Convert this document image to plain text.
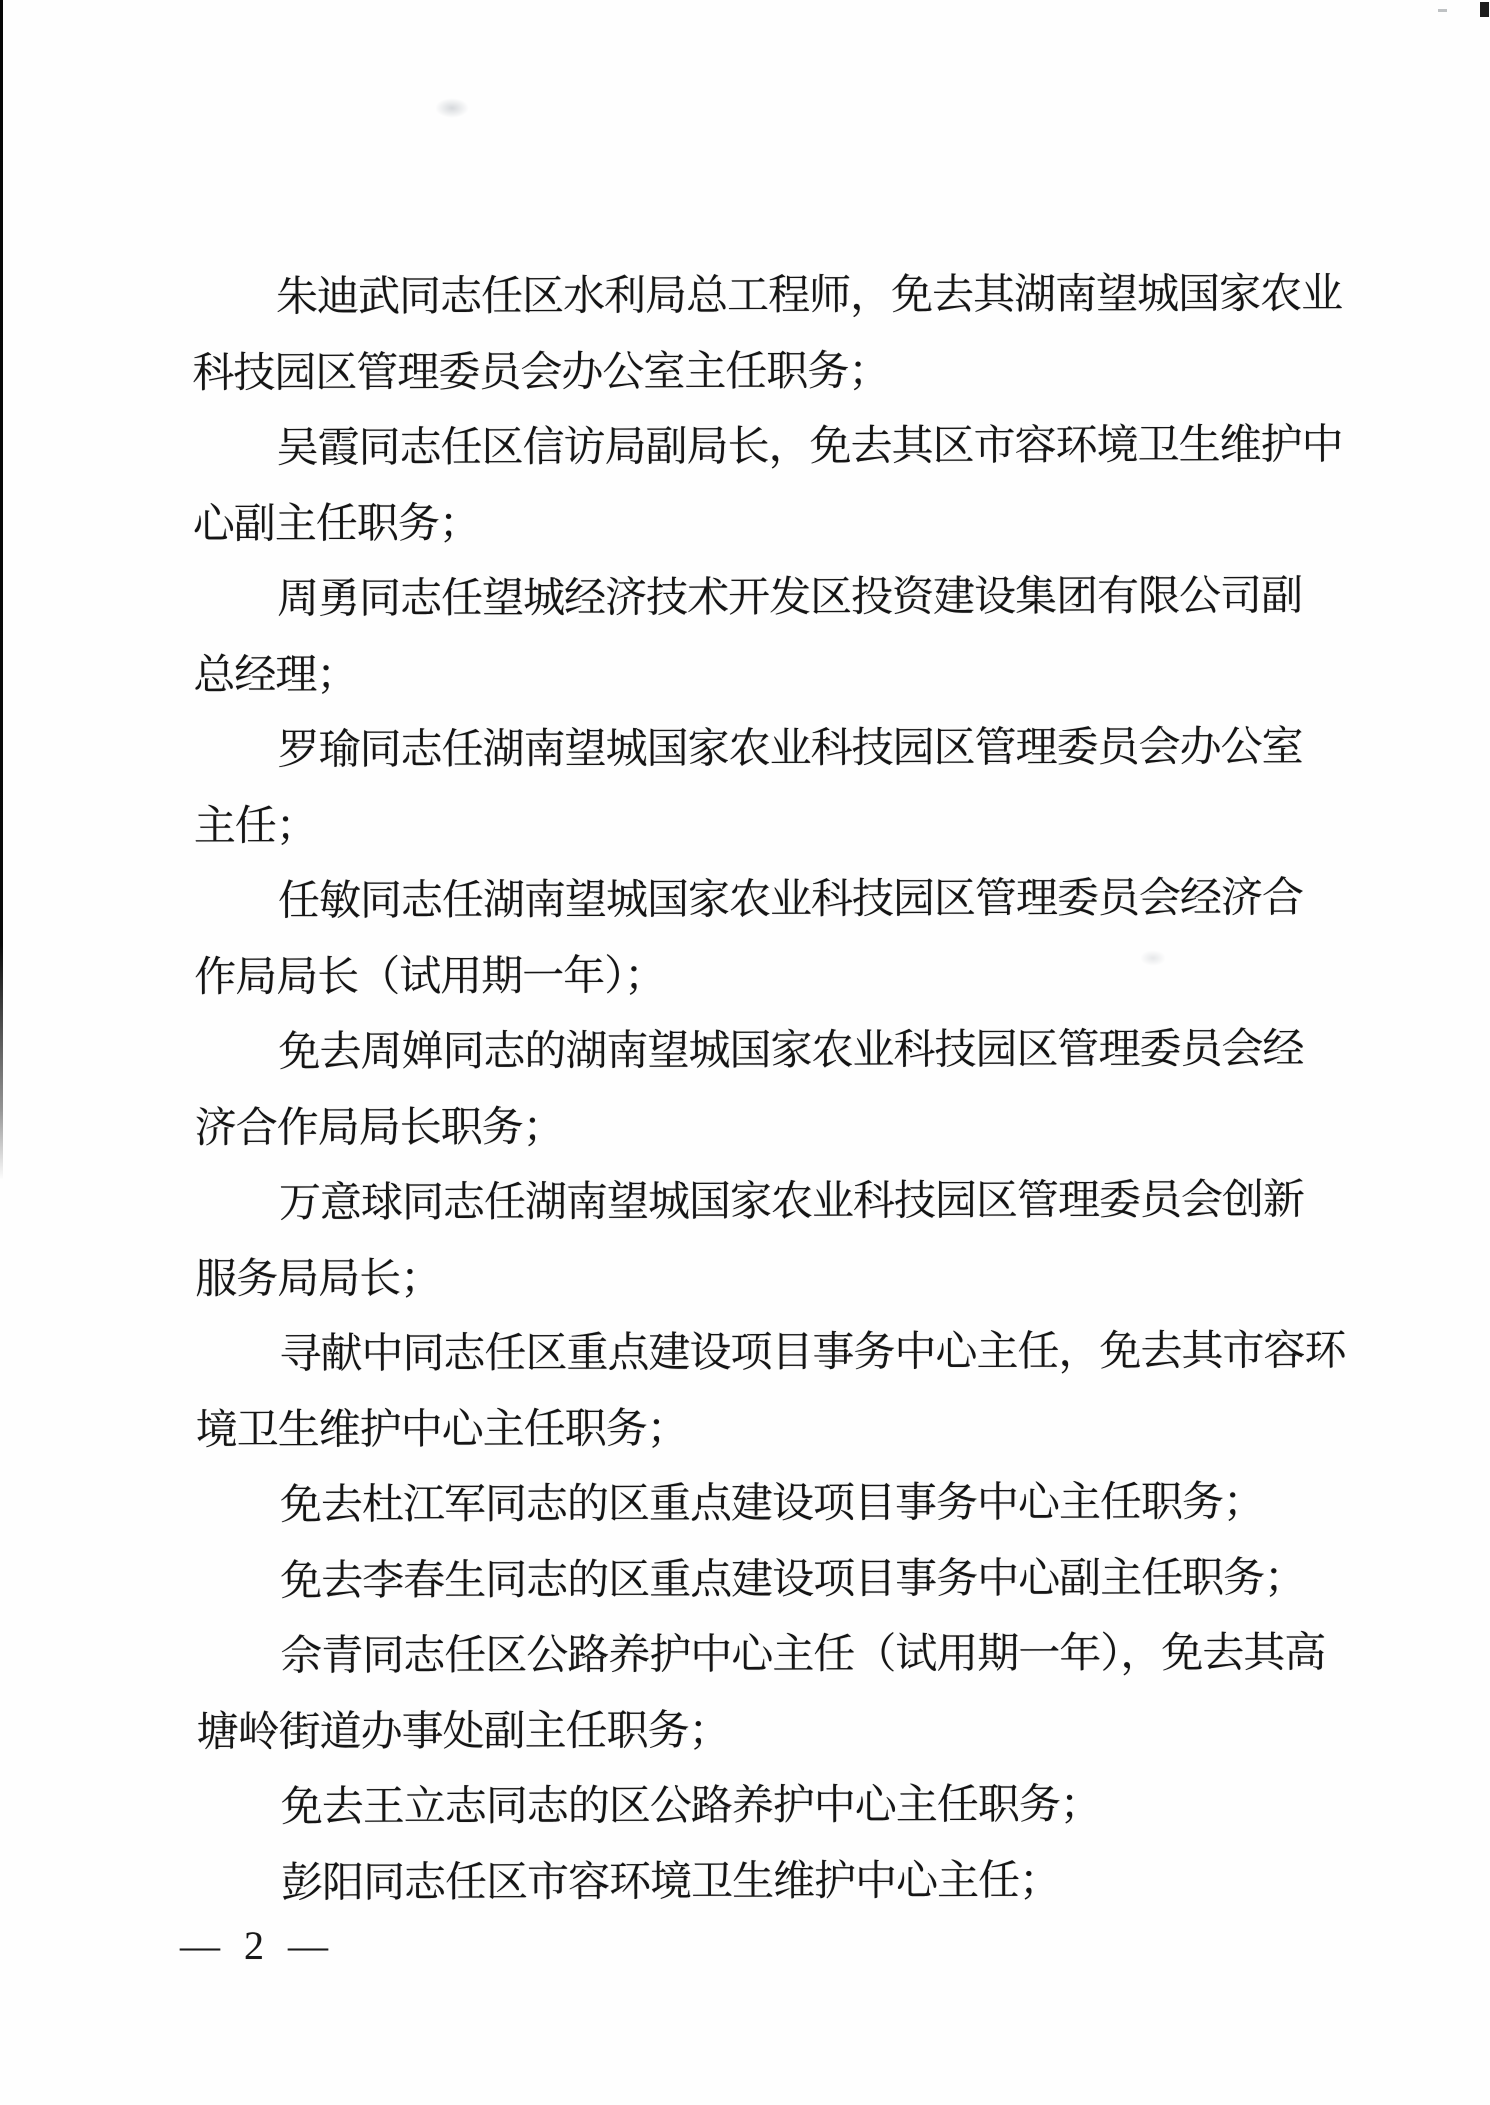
朱迪武同志任区水利局总工程师，免去其湖南望城国家农业
科技园区管理委员会办公室主任职务；
吴霞同志任区信访局副局长，免去其区市容环境卫生维护中
心副主任职务；
周勇同志任望城经济技术开发区投资建设集团有限公司副
总经理；
罗瑜同志任湖南望城国家农业科技园区管理委员会办公室
主任；
任敏同志任湖南望城国家农业科技园区管理委员会经济合
作局局长（试用期一年）；
免去周婵同志的湖南望城国家农业科技园区管理委员会经
济合作局局长职务；
万意球同志任湖南望城国家农业科技园区管理委员会创新
服务局局长；
寻献中同志任区重点建设项目事务中心主任，免去其市容环
境卫生维护中心主任职务；
免去杜江军同志的区重点建设项目事务中心主任职务；
免去李春生同志的区重点建设项目事务中心副主任职务；
佘青同志任区公路养护中心主任（试用期一年），免去其高
塘岭街道办事处副主任职务；
免去王立志同志的区公路养护中心主任职务；
彭阳同志任区市容环境卫生维护中心主任；
— 2 —
